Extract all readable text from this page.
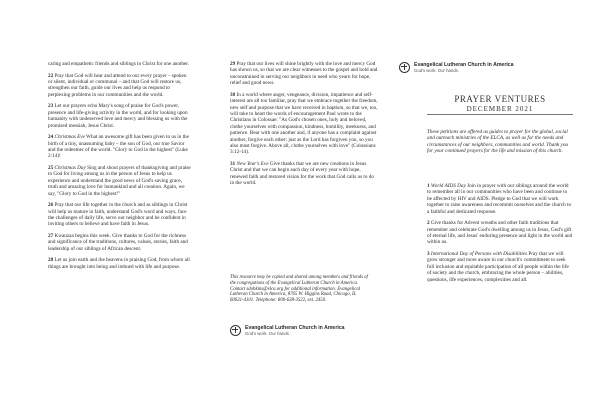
caring and empathetic friends and siblings in Christ for one another.

22 Pray that God will hear and attend to our every prayer – spoken or silent, individual or communal – and that God will restore us, strengthen our faith, guide our lives and help us respond to perplexing problems in our communities and the world.

23 Let our prayers echo Mary's song of praise for God's power, presence and life-giving activity in the world, and for looking upon humanity with undeserved love and mercy and blessing us with the promised messiah, Jesus Christ.

24 Christmas Eve What an awesome gift has been given to us in the birth of a tiny, unassuming baby – the son of God, our true Savior and the redeemer of the world. "Glory to God in the highest" (Luke 2:14)!

25 Christmas Day Sing and shout prayers of thanksgiving and praise to God for living among us in the person of Jesus to help us experience and understand the good news of God's saving grace, truth and amazing love for humankind and all creation. Again, we say, "Glory to God in the highest!"

26 Pray that our life together in the church and as siblings in Christ will help us mature in faith, understand God's word and ways, face the challenges of daily life, serve our neighbor and be confident in inviting others to believe and have faith in Jesus.

27 Kwanzaa begins this week. Give thanks to God for the richness and significance of the traditions, cultures, values, stories, faith and leadership of our siblings of African descent.

28 Let us join earth and the heavens in praising God, from whom all things are brought into being and imbued with life and purpose.

29 Pray that our lives will shine brightly with the love and mercy God has shown us, so that we are clear witnesses to the gospel and bold and unconstrained in serving our neighbors in need who yearn for hope, relief and good news.

30 In a world where anger, vengeance, division, impatience and self-interest are all too familiar, pray that we embrace together the freedom, new self and purpose that we have received in baptism, so that we, too, will take to heart the words of encouragement Paul wrote to the Christians in Colossae: "As God's chosen ones, holy and beloved, clothe yourselves with compassion, kindness, humility, meekness, and patience. Bear with one another and, if anyone has a complaint against another, forgive each other; just as the Lord has forgiven you, so you also must forgive. Above all, clothe yourselves with love" (Colossians 3:12-14).

31 New Year's Eve Give thanks that we are new creations in Jesus Christ and that we can begin each day of every year with hope, renewed faith and restored vision for the work that God calls us to do in the world.

This resource may be copied and shared among members and friends of the congregations of the Evangelical Lutheran Church in America. Contact sdobkins@elca.org for additional information. Evangelical Lutheran Church in America, 8765 W. Higgins Road, Chicago, IL 60631-4101. Telephone: 800-638-3522, ext. 2450.
Evangelical Lutheran Church in America
God's work. Our hands.
Evangelical Lutheran Church in America
God's work. Our hands.
PRAYER VENTURES
DECEMBER 2021
These petitions are offered as guides to prayer for the global, social and outreach ministries of the ELCA, as well as for the needs and circumstances of our neighbors, communities and world. Thank you for your continued prayers for the life and mission of this church.

1 World AIDS Day Join in prayer with our siblings around the world to remember all in our communities who have been and continue to be affected by HIV and AIDS. Pledge to God that we will work together to raise awareness and recommit ourselves and the church to a faithful and dedicated response.

2 Give thanks for Advent wreaths and other faith traditions that remember and celebrate God's dwelling among us in Jesus, God's gift of eternal life, and Jesus' enduring presence and light in the world and within us.

3 International Day of Persons with Disabilities Pray that we will grow stronger and more aware in our church's commitment to seek full inclusion and equitable participation of all people within the life of society and the church, embracing the whole person – abilities, questions, life experiences, complexities and all.
